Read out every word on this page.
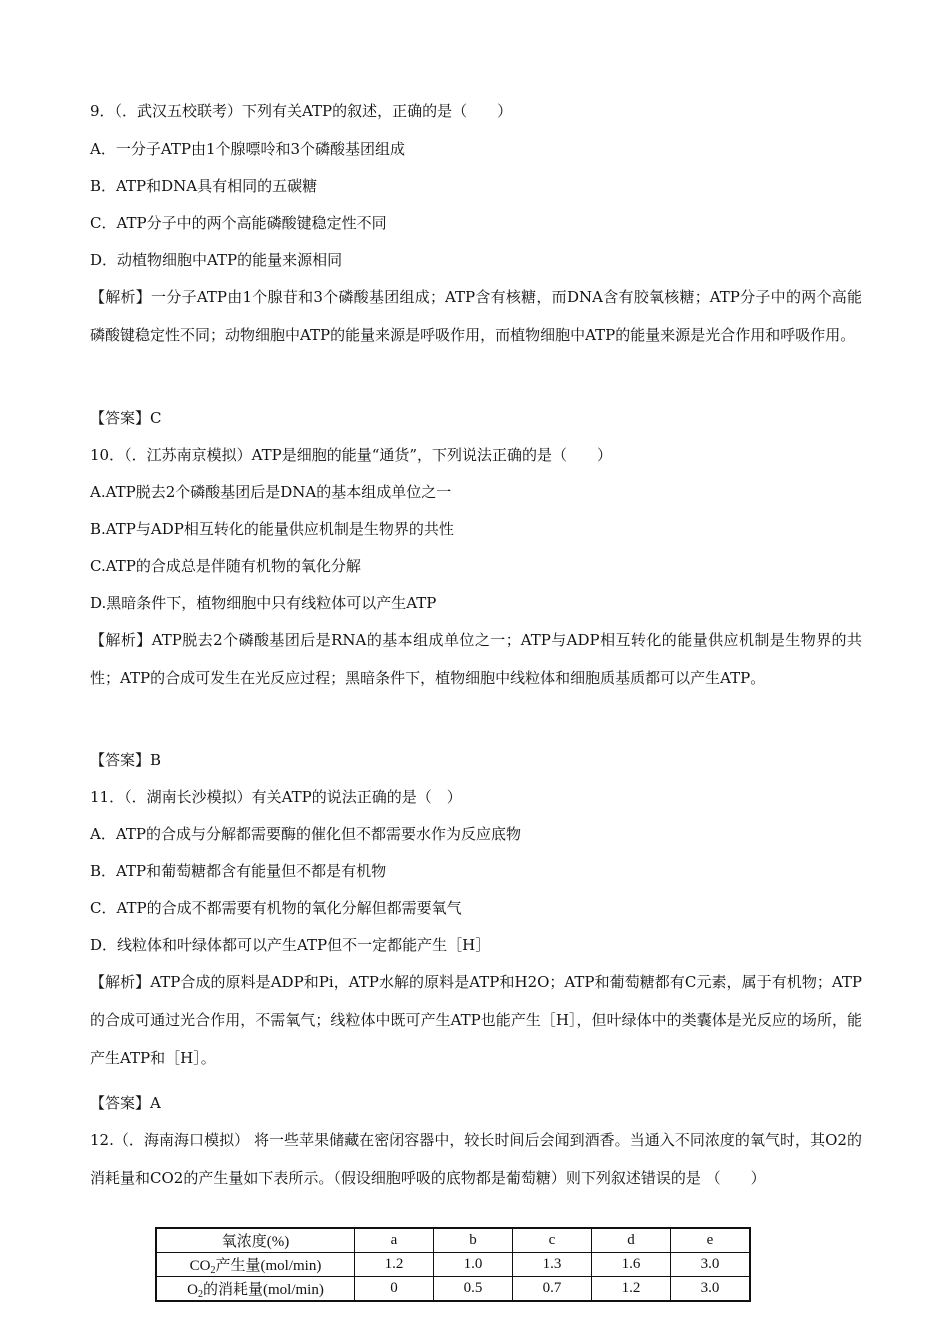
9．（．武汉五校联考）下列有关ATP的叙述，正确的是（　　）
A．一分子ATP由1个腺嘌呤和3个磷酸基团组成
B．ATP和DNA具有相同的五碳糖
C．ATP分子中的两个高能磷酸键稳定性不同
D．动植物细胞中ATP的能量来源相同
【解析】一分子ATP由1个腺苷和3个磷酸基团组成；ATP含有核糖，而DNA含有胶氧核糖；ATP分子中的两个高能磷酸键稳定性不同；动物细胞中ATP的能量来源是呼吸作用，而植物细胞中ATP的能量来源是光合作用和呼吸作用。
【答案】C
10．（．江苏南京模拟）ATP是细胞的能量“通货”，下列说法正确的是（　　）
A.ATP脱去2个磷酸基团后是DNA的基本组成单位之一
B.ATP与ADP相互转化的能量供应机制是生物界的共性
C.ATP的合成总是伴随有机物的氧化分解
D.黑暗条件下，植物细胞中只有线粒体可以产生ATP
【解析】ATP脱去2个磷酸基团后是RNA的基本组成单位之一；ATP与ADP相互转化的能量供应机制是生物界的共性；ATP的合成可发生在光反应过程；黑暗条件下，植物细胞中线粒体和细胞质基质都可以产生ATP。
【答案】B
11．（．湖南长沙模拟）有关ATP的说法正确的是（　）
A．ATP的合成与分解都需要酶的催化但不都需要水作为反应底物
B．ATP和葡萄糖都含有能量但不都是有机物
C．ATP的合成不都需要有机物的氧化分解但都需要氧气
D．线粒体和叶绿体都可以产生ATP但不一定都能产生［H］
【解析】ATP合成的原料是ADP和Pi，ATP水解的原料是ATP和H2O；ATP和葡萄糖都有C元素，属于有机物；ATP的合成可通过光合作用，不需氧气；线粒体中既可产生ATP也能产生［H］，但叶绿体中的类囊体是光反应的场所，能产生ATP和［H］。
【答案】A
12.（．海南海口模拟） 将一些苹果储藏在密闭容器中，较长时间后会闻到酒香。当通入不同浓度的氧气时，其O2的消耗量和CO2的产生量如下表所示。（假设细胞呼吸的底物都是葡萄糖）则下列叙述错误的是 （　　）
氧浓度(%)	a	b	c	d	e
$CO_2$产生量(mol/min)	1.2	1.0	1.3	1.6	3.0
$O_2$的消耗量(mol/min)	0	0.5	0.7	1.2	3.0
